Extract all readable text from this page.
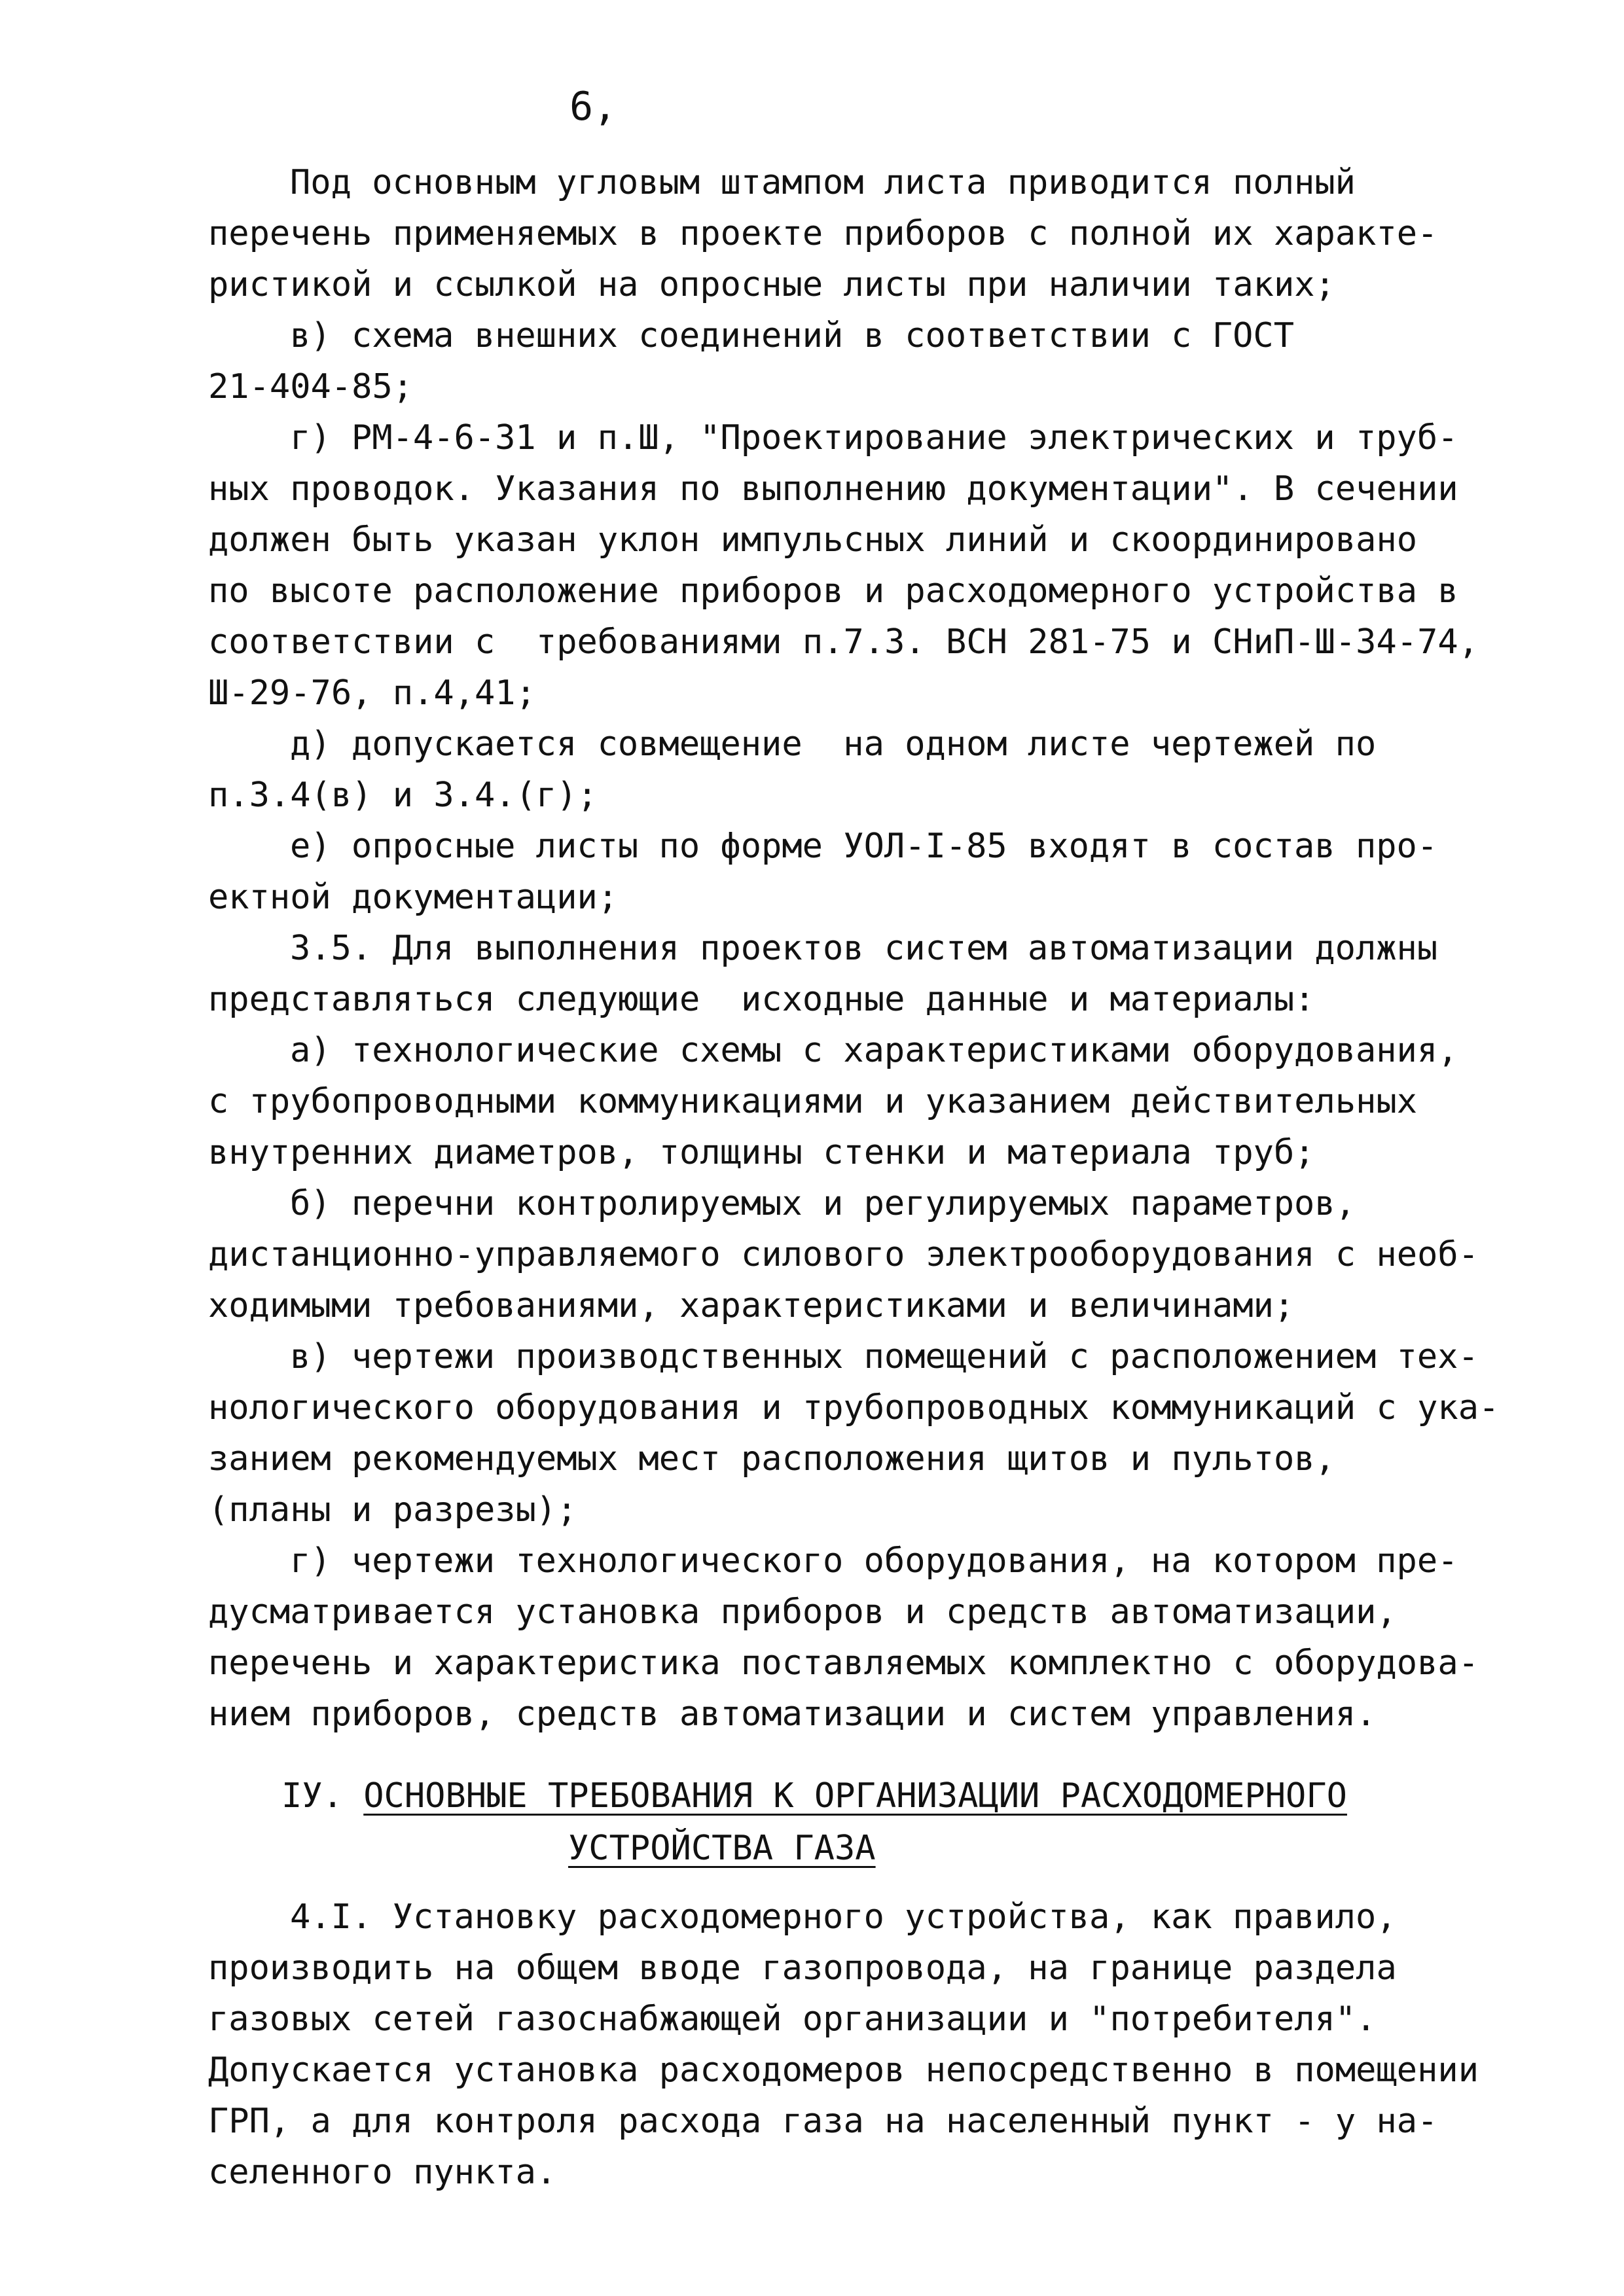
6,
Под основным угловым штампом листа приводится полный
перечень применяемых в проекте приборов с полной их характе-
ристикой и ссылкой на опросные листы при наличии таких;
в) схема внешних соединений в соответствии с ГОСТ
21-404-85;
г) РМ-4-6-31 и п.Ш, "Проектирование электрических и труб-
ных проводок. Указания по выполнению документации". В сечении
должен быть указан уклон импульсных линий и скоординировано
по высоте расположение приборов и расходомерного устройства в
соответствии с  требованиями п.7.3. ВСН 281-75 и СНиП-Ш-34-74,
Ш-29-76, п.4,41;
д) допускается совмещение  на одном листе чертежей по
п.3.4(в) и 3.4.(г);
е) опросные листы по форме УОЛ-I-85 входят в состав про-
ектной документации;
3.5. Для выполнения проектов систем автоматизации должны
представляться следующие  исходные данные и материалы:
а) технологические схемы с характеристиками оборудования,
с трубопроводными коммуникациями и указанием действительных
внутренних диаметров, толщины стенки и материала труб;
б) перечни контролируемых и регулируемых параметров,
дистанционно-управляемого силового электрооборудования с необ-
ходимыми требованиями, характеристиками и величинами;
в) чертежи производственных помещений с расположением тех-
нологического оборудования и трубопроводных коммуникаций с ука-
занием рекомендуемых мест расположения щитов и пультов,
(планы и разрезы);
г) чертежи технологического оборудования, на котором пре-
дусматривается установка приборов и средств автоматизации,
перечень и характеристика поставляемых комплектно с оборудова-
нием приборов, средств автоматизации и систем управления.
IУ. ОСНОВНЫЕ ТРЕБОВАНИЯ К ОРГАНИЗАЦИИ РАСХОДОМЕРНОГО
УСТРОЙСТВА ГАЗА
4.I. Установку расходомерного устройства, как правило,
производить на общем вводе газопровода, на границе раздела
газовых сетей газоснабжающей организации и "потребителя".
Допускается установка расходомеров непосредственно в помещении
ГРП, а для контроля расхода газа на населенный пункт - у на-
селенного пункта.
